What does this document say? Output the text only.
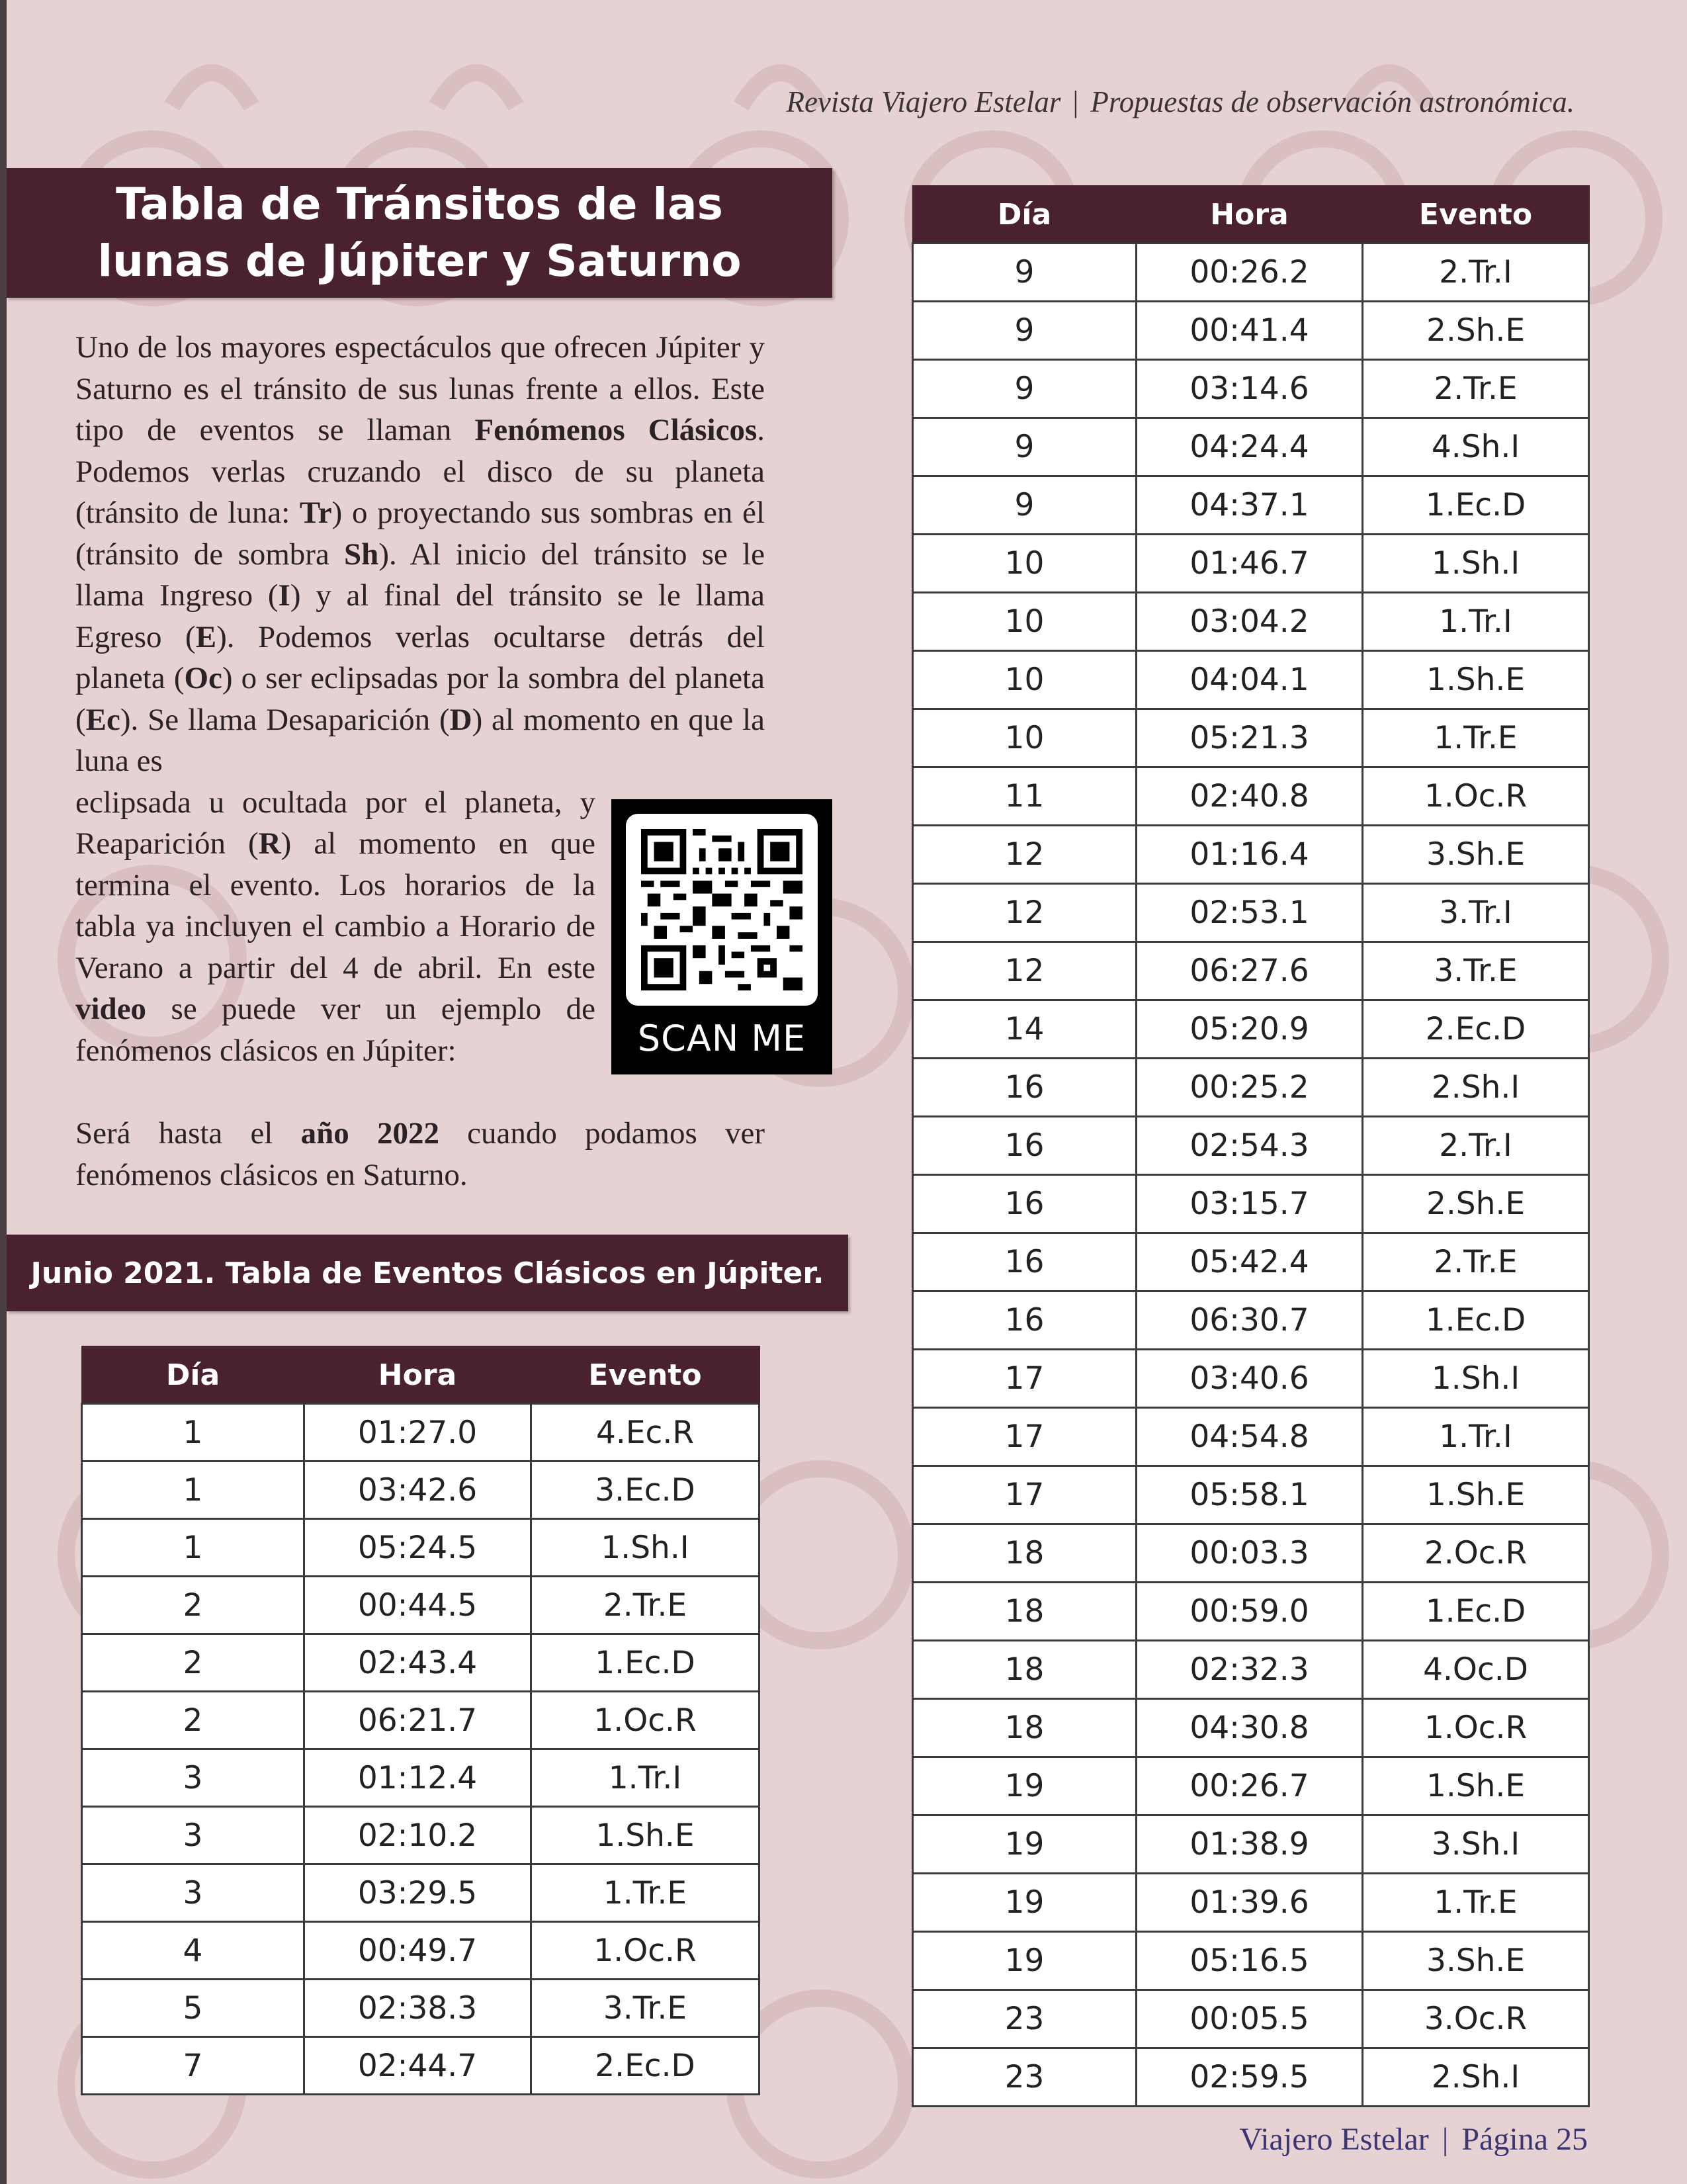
Revista Viajero Estelar | Propuestas de observación astronómica.

Tabla de Tránsitos de las
lunas de Júpiter y Saturno

Uno de los mayores espectáculos que ofrecen Júpiter y Saturno es el tránsito de sus lunas frente a ellos. Este tipo de eventos se llaman Fenómenos Clásicos. Podemos verlas cruzando el disco de su planeta (tránsito de luna: Tr) o proyectando sus sombras en él (tránsito de sombra Sh). Al inicio del tránsito se le llama Ingreso (I) y al final del tránsito se le llama Egreso (E). Podemos verlas ocultarse detrás del planeta (Oc) o ser eclipsadas por la sombra del planeta (Ec). Se llama Desaparición (D) al momento en que la luna es

eclipsada u ocultada por el planeta, y Reaparición (R) al momento en que termina el evento. Los horarios de la tabla ya incluyen el cambio a Horario de Verano a partir del 4 de abril. En este video se puede ver un ejemplo de fenómenos clásicos en Júpiter:	SCAN ME

Será hasta el año 2022 cuando podamos ver fenómenos clásicos en Saturno.

Junio 2021. Tabla de Eventos Clásicos en Júpiter.
Día	Hora	Evento
1	01:27.0	4.Ec.R
1	03:42.6	3.Ec.D
1	05:24.5	1.Sh.I
2	00:44.5	2.Tr.E
2	02:43.4	1.Ec.D
2	06:21.7	1.Oc.R
3	01:12.4	1.Tr.I
3	02:10.2	1.Sh.E
3	03:29.5	1.Tr.E
4	00:49.7	1.Oc.R
5	02:38.3	3.Tr.E
7	02:44.7	2.Ec.D
Día	Hora	Evento
9	00:26.2	2.Tr.I
9	00:41.4	2.Sh.E
9	03:14.6	2.Tr.E
9	04:24.4	4.Sh.I
9	04:37.1	1.Ec.D
10	01:46.7	1.Sh.I
10	03:04.2	1.Tr.I
10	04:04.1	1.Sh.E
10	05:21.3	1.Tr.E
11	02:40.8	1.Oc.R
12	01:16.4	3.Sh.E
12	02:53.1	3.Tr.I
12	06:27.6	3.Tr.E
14	05:20.9	2.Ec.D
16	00:25.2	2.Sh.I
16	02:54.3	2.Tr.I
16	03:15.7	2.Sh.E
16	05:42.4	2.Tr.E
16	06:30.7	1.Ec.D
17	03:40.6	1.Sh.I
17	04:54.8	1.Tr.I
17	05:58.1	1.Sh.E
18	00:03.3	2.Oc.R
18	00:59.0	1.Ec.D
18	02:32.3	4.Oc.D
18	04:30.8	1.Oc.R
19	00:26.7	1.Sh.E
19	01:38.9	3.Sh.I
19	01:39.6	1.Tr.E
19	05:16.5	3.Sh.E
23	00:05.5	3.Oc.R
23	02:59.5	2.Sh.I

Viajero Estelar | Página 25
